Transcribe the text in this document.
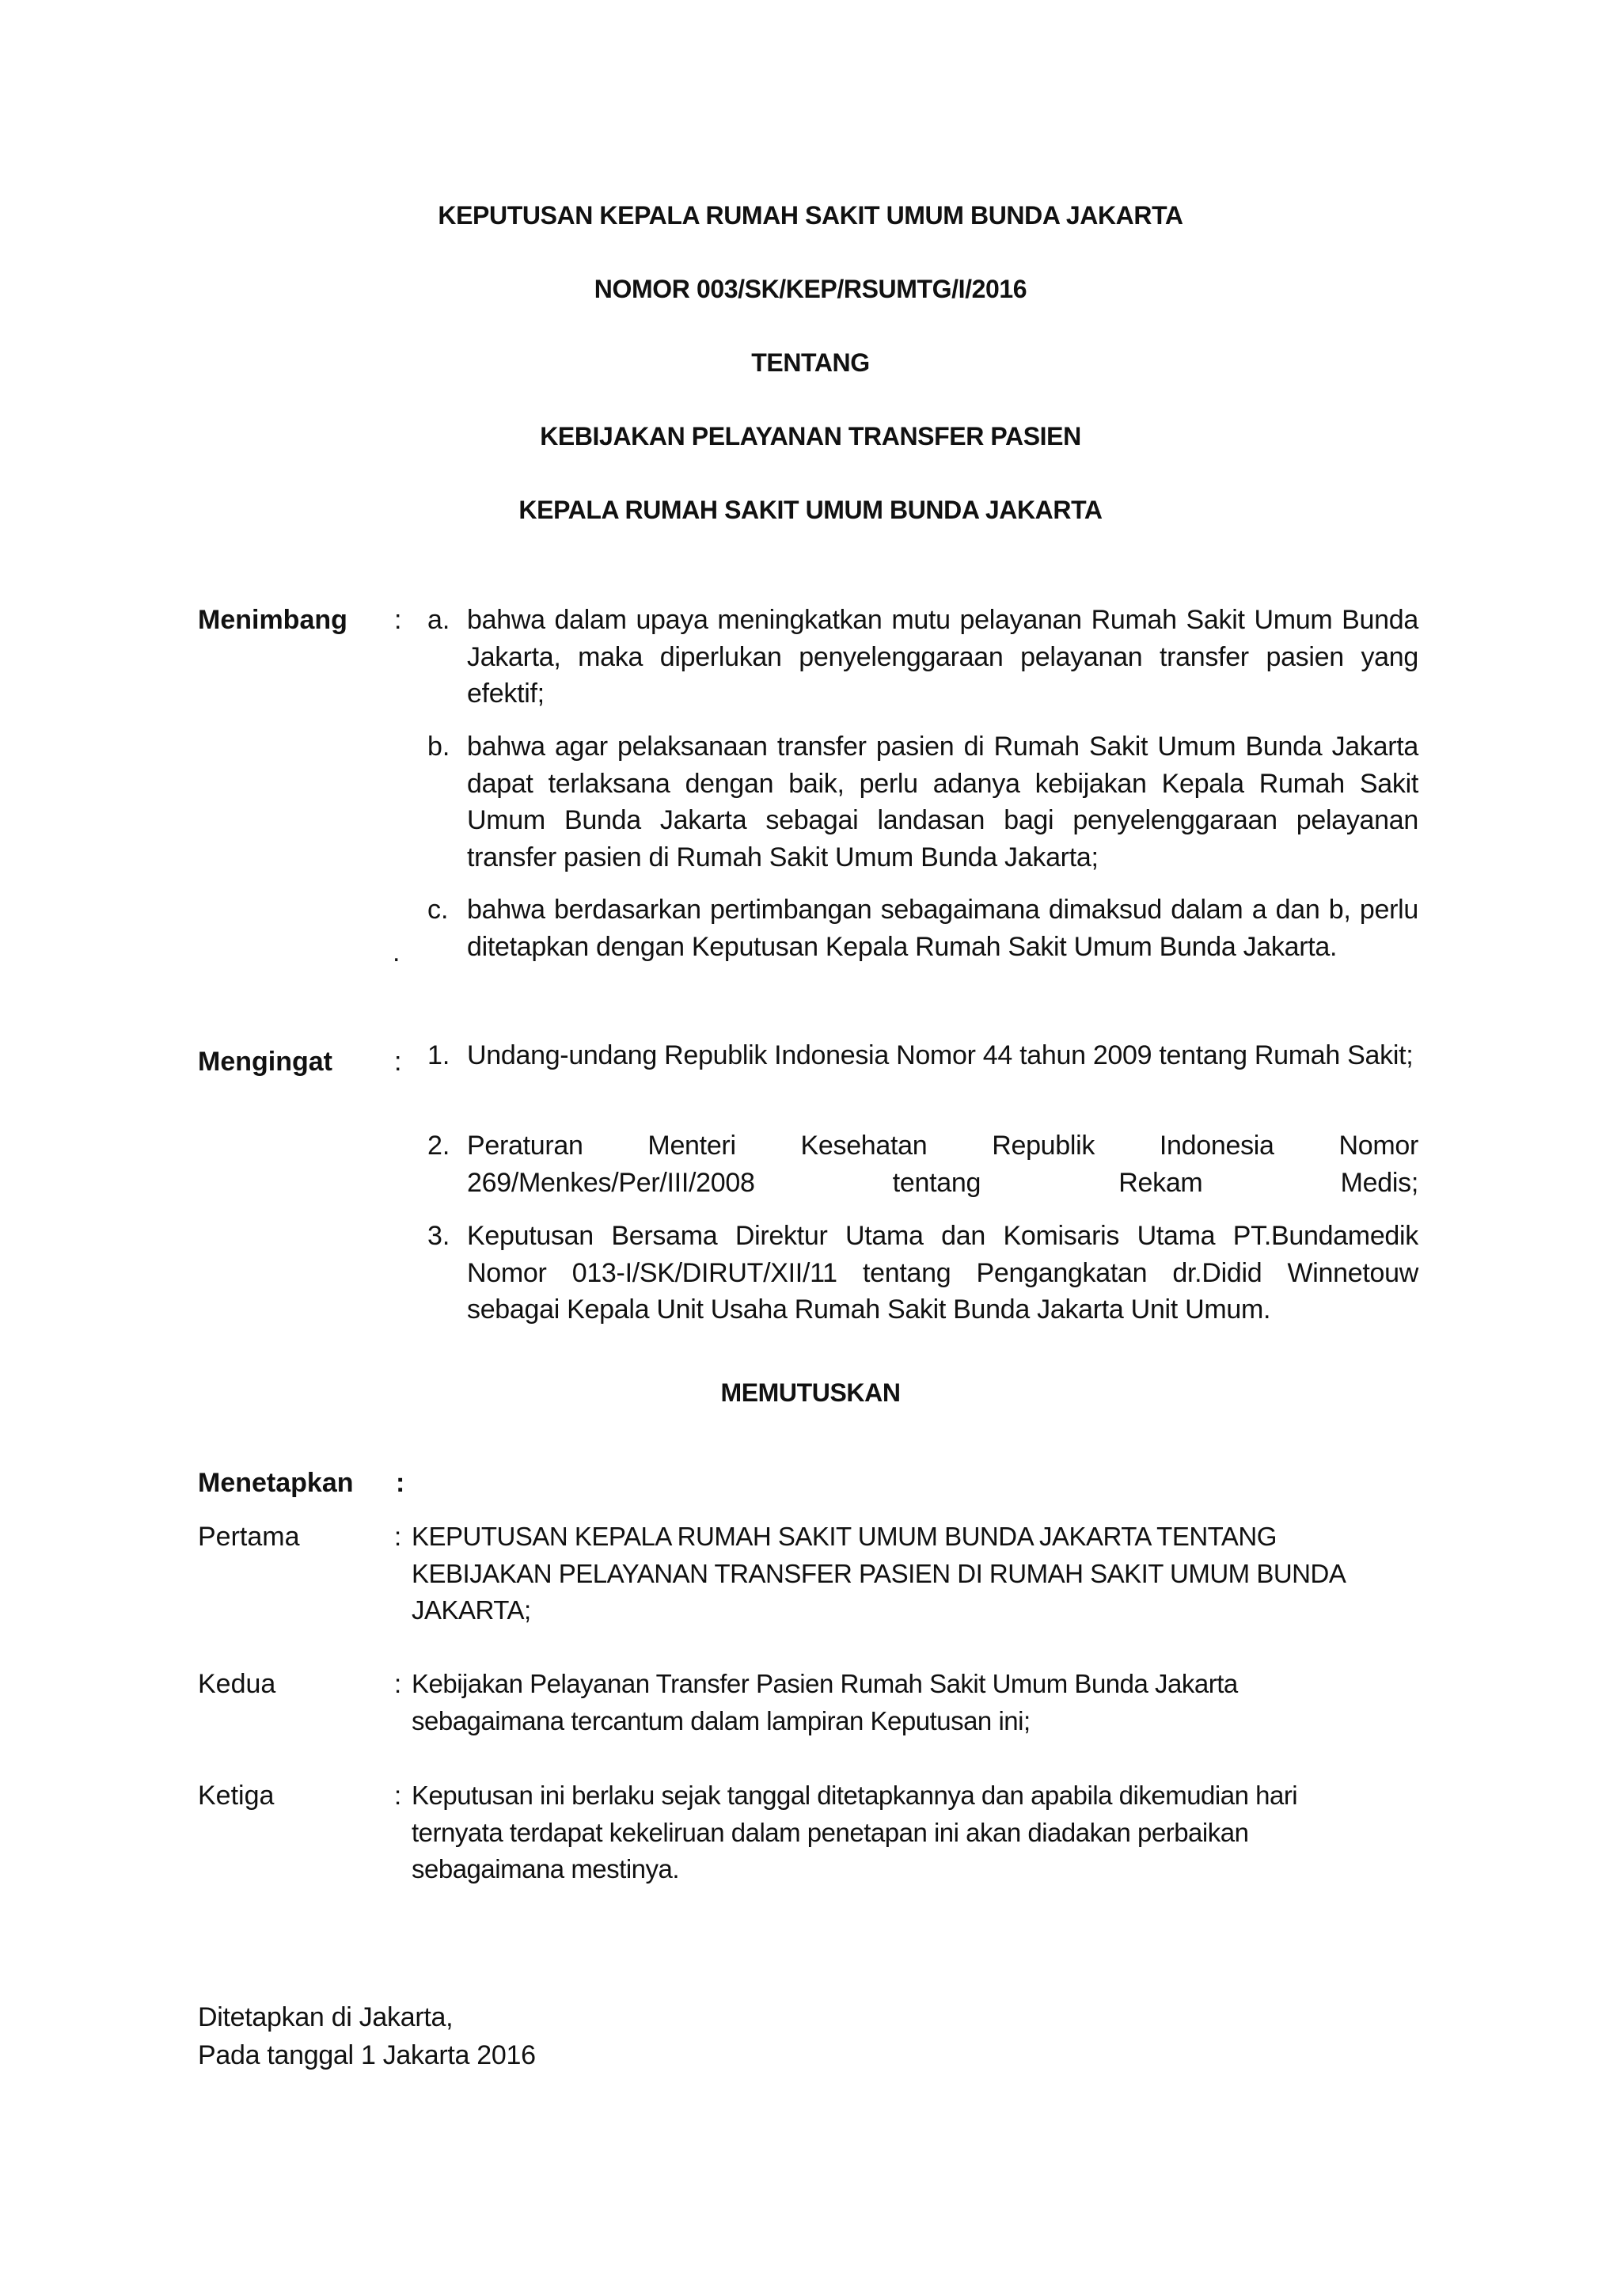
KEPUTUSAN KEPALA RUMAH SAKIT UMUM BUNDA JAKARTA
NOMOR 003/SK/KEP/RSUMTG/I/2016
TENTANG
KEBIJAKAN PELAYANAN TRANSFER PASIEN
KEPALA RUMAH SAKIT UMUM BUNDA JAKARTA
Menimbang : a. bahwa dalam upaya meningkatkan mutu pelayanan Rumah Sakit Umum Bunda Jakarta, maka diperlukan penyelenggaraan pelayanan transfer pasien yang efektif;
b. bahwa agar pelaksanaan transfer pasien di Rumah Sakit Umum Bunda Jakarta dapat terlaksana dengan baik, perlu adanya kebijakan Kepala Rumah Sakit Umum Bunda Jakarta sebagai landasan bagi penyelenggaraan pelayanan transfer pasien di Rumah Sakit Umum Bunda Jakarta;
c. bahwa berdasarkan pertimbangan sebagaimana dimaksud dalam a dan b, perlu ditetapkan dengan Keputusan Kepala Rumah Sakit Umum Bunda Jakarta.
.
Mengingat : 1. Undang-undang Republik Indonesia Nomor 44 tahun 2009 tentang Rumah Sakit;
2. Peraturan Menteri Kesehatan Republik Indonesia Nomor 269/Menkes/Per/III/2008 tentang Rekam Medis;
3. Keputusan Bersama Direktur Utama dan Komisaris Utama PT.Bundamedik Nomor 013-I/SK/DIRUT/XII/11 tentang Pengangkatan dr.Didid Winnetouw sebagai Kepala Unit Usaha Rumah Sakit Bunda Jakarta Unit Umum.
MEMUTUSKAN
Menetapkan :
Pertama	: KEPUTUSAN KEPALA RUMAH SAKIT UMUM BUNDA JAKARTA TENTANG KEBIJAKAN PELAYANAN TRANSFER PASIEN DI RUMAH SAKIT UMUM BUNDA JAKARTA;
Kedua	: Kebijakan Pelayanan Transfer Pasien Rumah Sakit Umum Bunda Jakarta sebagaimana tercantum dalam lampiran Keputusan ini;
Ketiga	: Keputusan ini berlaku sejak tanggal ditetapkannya dan apabila dikemudian hari ternyata terdapat kekeliruan dalam penetapan ini akan diadakan perbaikan sebagaimana mestinya.
Ditetapkan di Jakarta,
Pada tanggal 1 Jakarta 2016
